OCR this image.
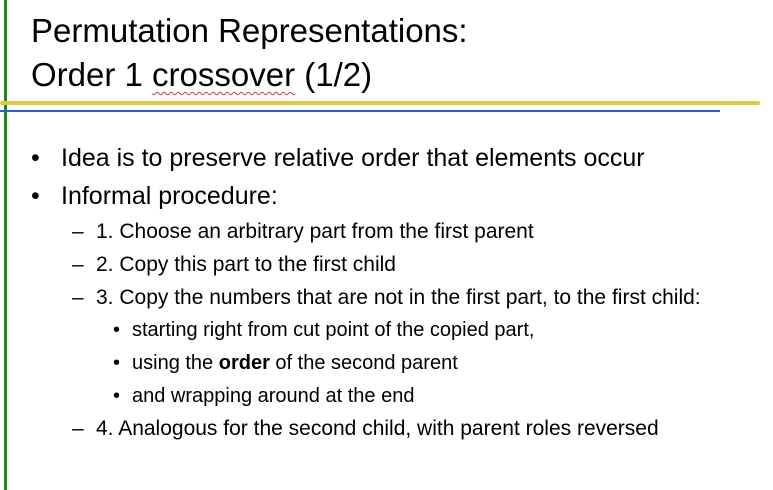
Permutation Representations:
Order 1 crossover (1/2)
• Idea is to preserve relative order that elements occur
• Informal procedure:
– 1. Choose an arbitrary part from the first parent
– 2. Copy this part to the first child
– 3. Copy the numbers that are not in the first part, to the first child:
• starting right from cut point of the copied part,
• using the order of the second parent
• and wrapping around at the end
– 4. Analogous for the second child, with parent roles reversed
